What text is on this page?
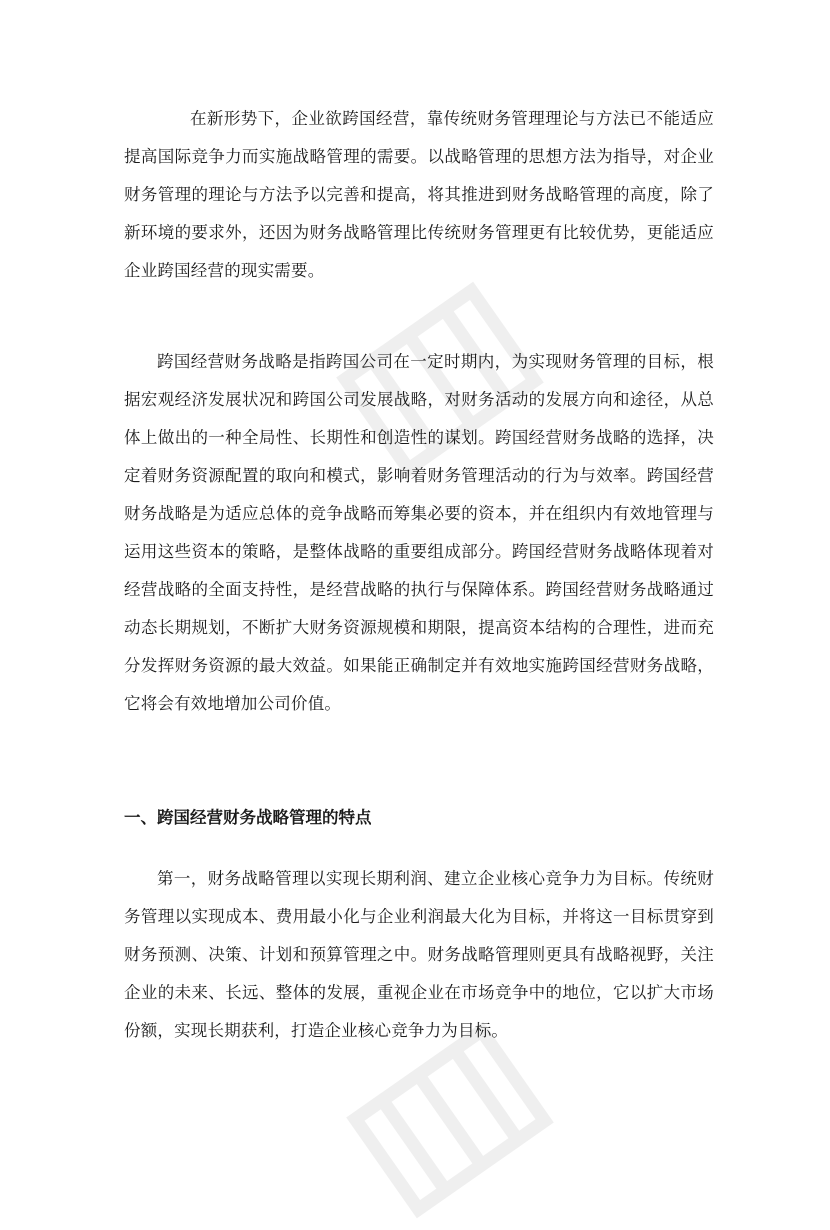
在新形势下，企业欲跨国经营，靠传统财务管理理论与方法已不能适应提高国际竞争力而实施战略管理的需要。以战略管理的思想方法为指导，对企业财务管理的理论与方法予以完善和提高，将其推进到财务战略管理的高度，除了新环境的要求外，还因为财务战略管理比传统财务管理更有比较优势，更能适应企业跨国经营的现实需要。

跨国经营财务战略是指跨国公司在一定时期内，为实现财务管理的目标，根据宏观经济发展状况和跨国公司发展战略，对财务活动的发展方向和途径，从总体上做出的一种全局性、长期性和创造性的谋划。跨国经营财务战略的选择，决定着财务资源配置的取向和模式，影响着财务管理活动的行为与效率。跨国经营财务战略是为适应总体的竞争战略而筹集必要的资本，并在组织内有效地管理与运用这些资本的策略，是整体战略的重要组成部分。跨国经营财务战略体现着对经营战略的全面支持性，是经营战略的执行与保障体系。跨国经营财务战略通过动态长期规划，不断扩大财务资源规模和期限，提高资本结构的合理性，进而充分发挥财务资源的最大效益。如果能正确制定并有效地实施跨国经营财务战略，它将会有效地增加公司价值。

一、跨国经营财务战略管理的特点

第一，财务战略管理以实现长期利润、建立企业核心竞争力为目标。传统财务管理以实现成本、费用最小化与企业利润最大化为目标，并将这一目标贯穿到财务预测、决策、计划和预算管理之中。财务战略管理则更具有战略视野，关注企业的未来、长远、整体的发展，重视企业在市场竞争中的地位，它以扩大市场份额，实现长期获利，打造企业核心竞争力为目标。
